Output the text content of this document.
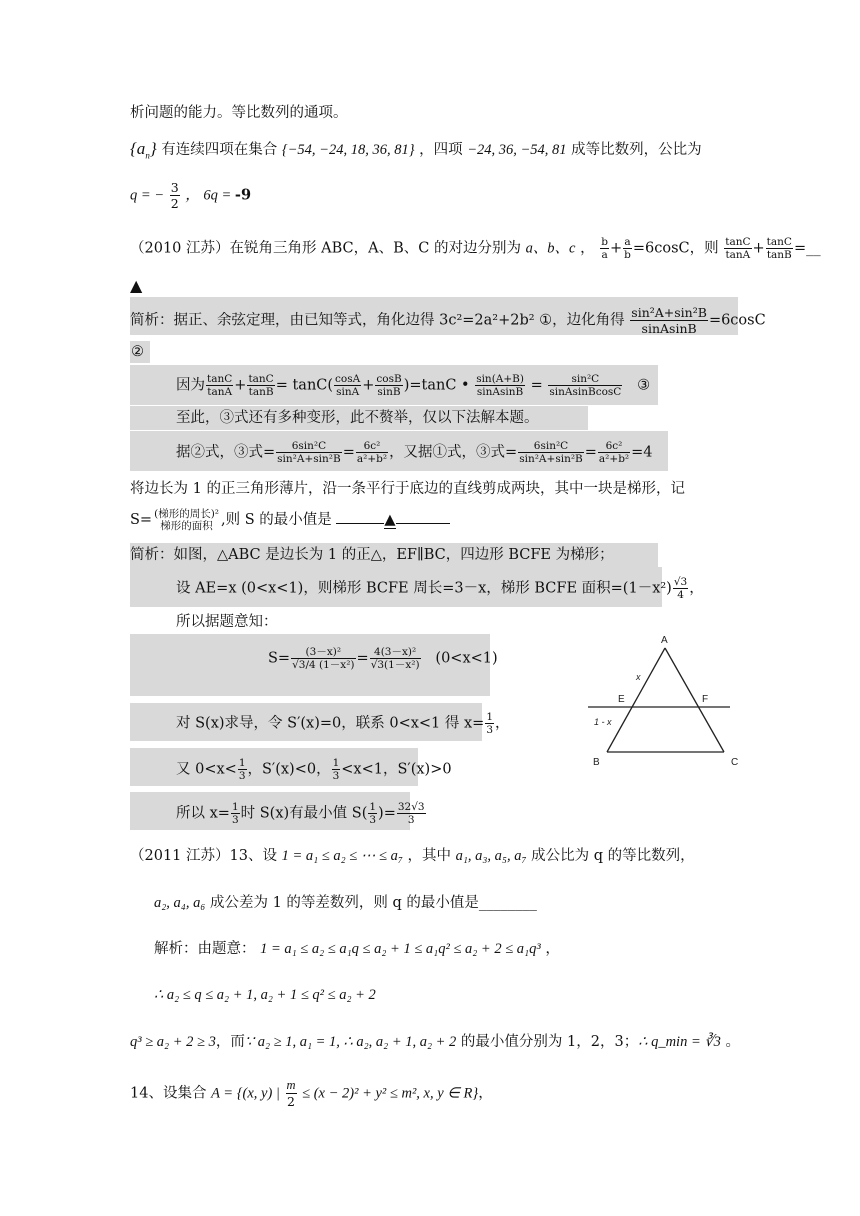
析问题的能力。等比数列的通项。
$\{a_n\}$ 有连续四项在集合 {−54, −24, 18, 36, 81} ，四项 −24, 36, −54, 81 成等比数列，公比为
q = − $\frac{3}{2}$ ， 6q = -9
（2010 江苏）在锐角三角形 ABC，A、B、C 的对边分别为 a、b、c ， $\frac{b}{a} + \frac{a}{b} =6\cos C$，则 $\frac{\tan C}{\tan A} + \frac{\tan C}{\tan B}$ =__
▲
简析：据正、余弦定理，由已知等式，角化边得 3c²=2a²+2b² ①，边化角得 $\frac{\text{sin²A+sin²B}}{\text{sinAsinB}} =6\cos C$
②
因为 $\frac{\tan C}{\tan A} + \frac{\tan C}{\tan B} = \tan C( \frac{\cos A}{\sin A} + \frac{\cos B}{\sin B} )=\tan C$ • $\frac{\sin(A+B)}{\text{sinAsinB}} = \frac{\text{sin²C}}{\text{sinAsinBcosC}}$ ③
至此，③式还有多种变形，此不赘举，仅以下法解本题。
据②式，③式= $\frac{\text{6sin²C}}{\text{sin²A+sin²B}} = \frac{\text{6c²}}{\text{a²+b²}}$ ，又据①式，③式= $\frac{\text{6sin²C}}{\text{sin²A+sin²B}} = \frac{\text{6c²}}{\text{a²+b²}} =4$
将边长为 1 的正三角形薄片，沿一条平行于底边的直线剪成两块，其中一块是梯形，记
S= (梯形的周长)²
梯形的面积 ,则 S 的最小值是	▲
简析：如图，△ABC 是边长为 1 的正△，EF∥BC，四边形 BCFE 为梯形；
设 AE=x (0<x<1)，则梯形 BCFE 周长=3－x，梯形 BCFE 面积$=(1-x^2) \frac{√3}{4}$ ，
所以据题意知：
$S= \frac{\text{(3－x)²}}{\text{√3/4 (1－x²)}} = \frac{\text{4(3－x)²}}{\text{√3(1－x²)}} (0<x<1)$
对 S(x)求导，令 S′(x)=0，联系 0<x<1 得 $x= \frac{1}{3}$ ，
又 $0<x< \frac{1}{3}$ ，S′(x)<0， $\frac{1}{3} <x<1$，S′(x)>0
所以 $x= \frac{1}{3}$ 时 S(x)有最小值 $S( \frac{1}{3}$ )= $\frac{32√3}{3}$
A
E	F
B	C
x
1 - x
（2011 江苏）13、设 1 = a₁ ≤ a₂ ≤ ⋯ ≤ a₇ ，其中 a₁, a₃, a₅, a₇ 成公比为 q 的等比数列，
a₂, a₄, a₆ 成公差为 1 的等差数列，则 q 的最小值是________
解析：由题意： 1 = a₁ ≤ a₂ ≤ a₁q ≤ a₂ + 1 ≤ a₁q² ≤ a₂ + 2 ≤ a₁q³ ，
∴ a₂ ≤ q ≤ a₂ + 1, a₂ + 1 ≤ q² ≤ a₂ + 2
q³ ≥ a₂ + 2 ≥ 3，而∵ a₂ ≥ 1, a₁ = 1, ∴ a₂, a₂ + 1, a₂ + 2 的最小值分别为 1，2，3；∴ q_min = ∛3 。
14、设集合 A = {(x, y) | $\frac{m}{2} \le (x - 2)^2 + y^2 \le m^2$, x, y ∈ R}，
